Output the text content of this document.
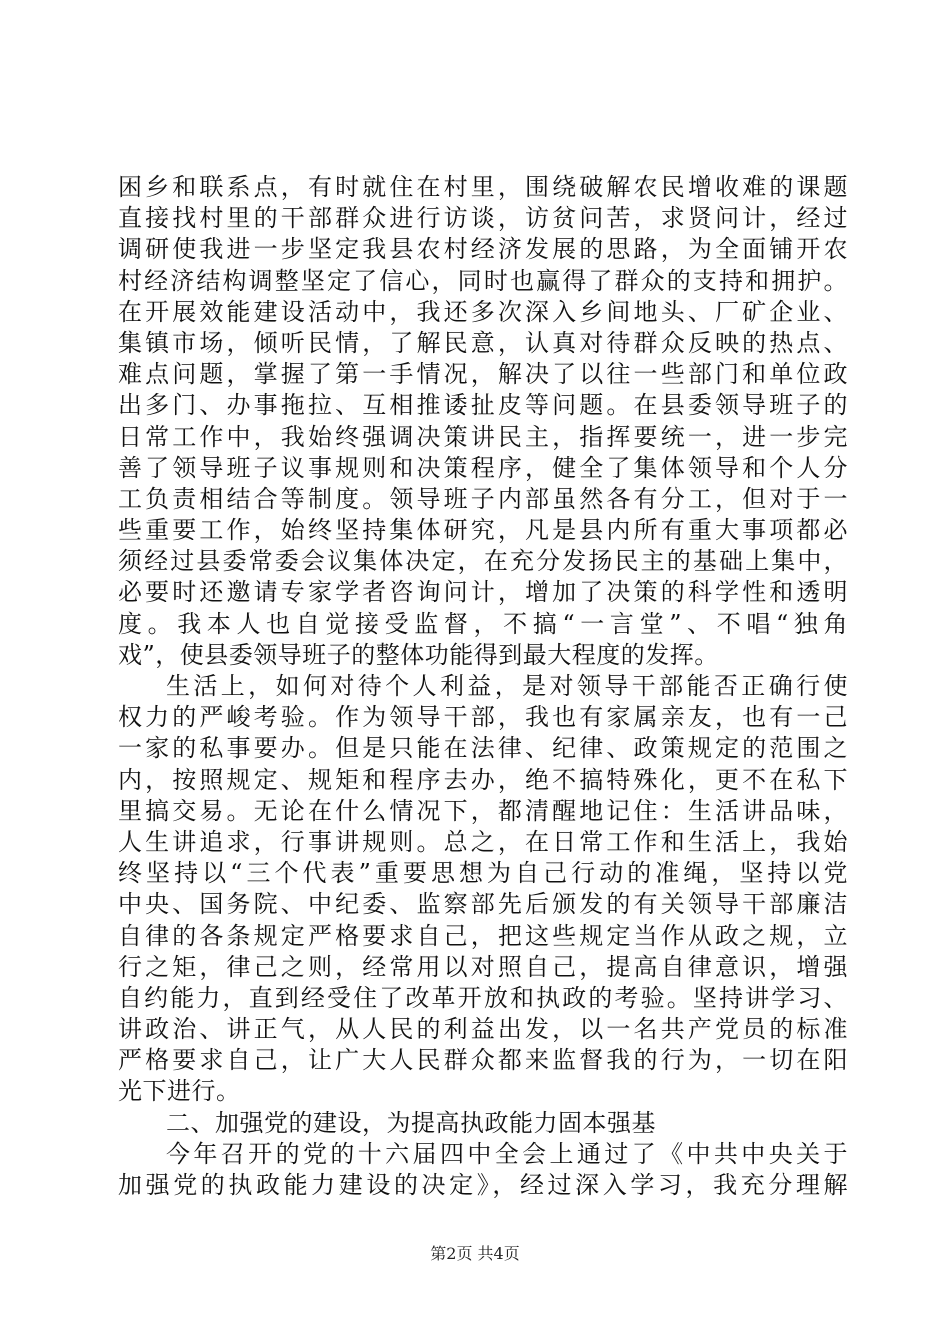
困乡和联系点，有时就住在村里，围绕破解农民增收难的课题
直接找村里的干部群众进行访谈，访贫问苦，求贤问计，经过
调研使我进一步坚定我县农村经济发展的思路，为全面铺开农
村经济结构调整坚定了信心，同时也赢得了群众的支持和拥护。
在开展效能建设活动中，我还多次深入乡间地头、厂矿企业、
集镇市场，倾听民情，了解民意，认真对待群众反映的热点、
难点问题，掌握了第一手情况，解决了以往一些部门和单位政
出多门、办事拖拉、互相推诿扯皮等问题。在县委领导班子的
日常工作中，我始终强调决策讲民主，指挥要统一，进一步完
善了领导班子议事规则和决策程序，健全了集体领导和个人分
工负责相结合等制度。领导班子内部虽然各有分工，但对于一
些重要工作，始终坚持集体研究，凡是县内所有重大事项都必
须经过县委常委会议集体决定，在充分发扬民主的基础上集中，
必要时还邀请专家学者咨询问计，增加了决策的科学性和透明
度。我本人也自觉接受监督，不搞“一言堂”、不唱“独角
戏”，使县委领导班子的整体功能得到最大程度的发挥。
生活上，如何对待个人利益，是对领导干部能否正确行使
权力的严峻考验。作为领导干部，我也有家属亲友，也有一己
一家的私事要办。但是只能在法律、纪律、政策规定的范围之
内，按照规定、规矩和程序去办，绝不搞特殊化，更不在私下
里搞交易。无论在什么情况下，都清醒地记住：生活讲品味，
人生讲追求，行事讲规则。总之，在日常工作和生活上，我始
终坚持以“三个代表”重要思想为自己行动的准绳，坚持以党
中央、国务院、中纪委、监察部先后颁发的有关领导干部廉洁
自律的各条规定严格要求自己，把这些规定当作从政之规，立
行之矩，律己之则，经常用以对照自己，提高自律意识，增强
自约能力，直到经受住了改革开放和执政的考验。坚持讲学习、
讲政治、讲正气，从人民的利益出发，以一名共产党员的标准
严格要求自己，让广大人民群众都来监督我的行为，一切在阳
光下进行。
二、加强党的建设，为提高执政能力固本强基
今年召开的党的十六届四中全会上通过了《中共中央关于
加强党的执政能力建设的决定》，经过深入学习，我充分理解
第2页 共4页
